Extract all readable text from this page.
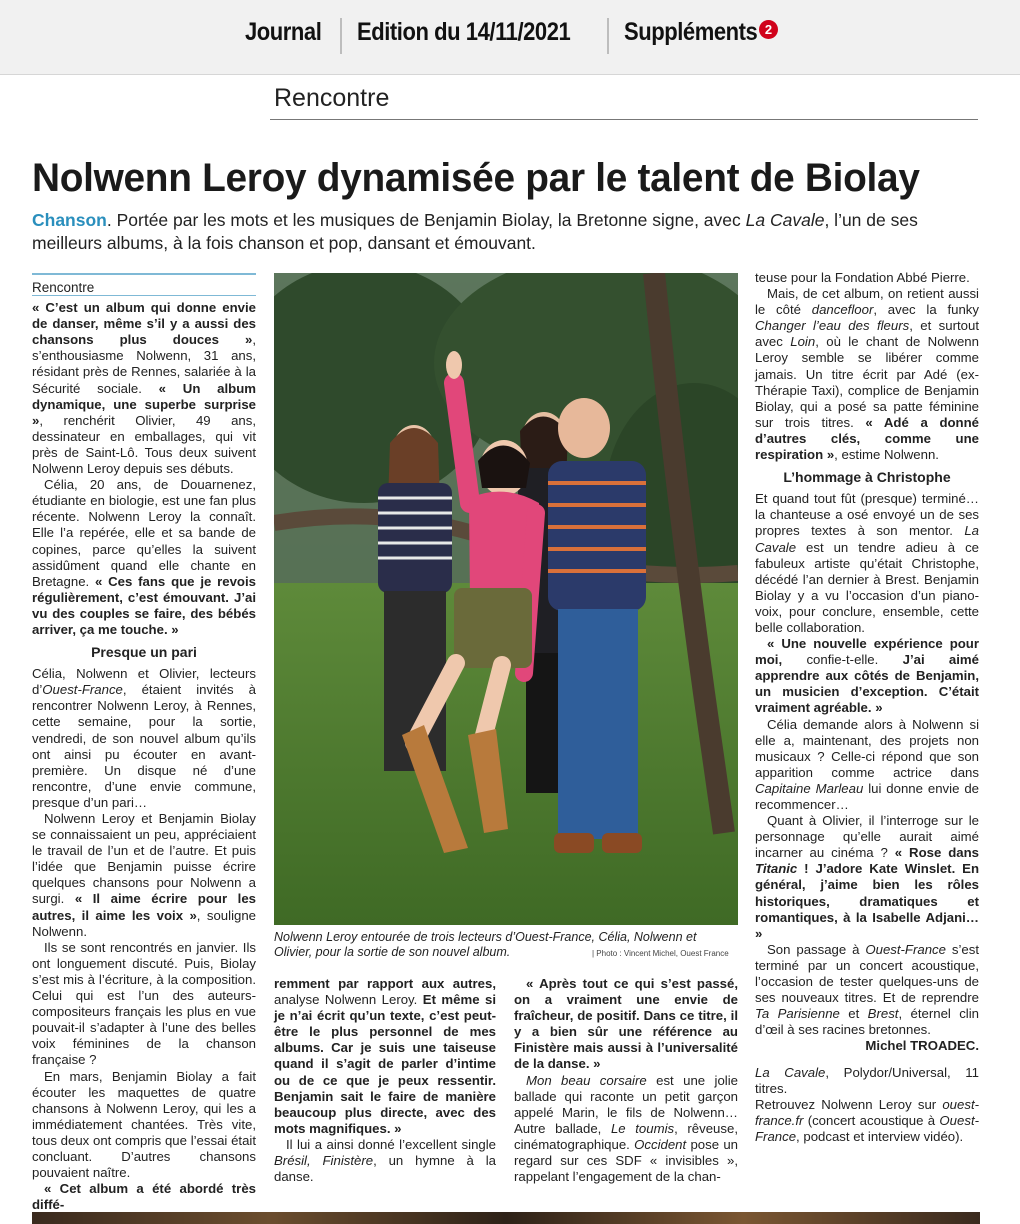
Journal Edition du 14/11/2021 Suppléments 2
Rencontre
Nolwenn Leroy dynamisée par le talent de Biolay
Chanson. Portée par les mots et les musiques de Benjamin Biolay, la Bretonne signe, avec La Cavale, l’un de ses meilleurs albums, à la fois chanson et pop, dansant et émouvant.
Rencontre

« C’est un album qui donne envie de danser, même s’il y a aussi des chansons plus douces », s’enthousiasme Nolwenn, 31 ans, résidant près de Rennes, salariée à la Sécurité sociale. « Un album dynamique, une superbe surprise », renchérit Olivier, 49 ans, dessinateur en emballages, qui vit près de Saint-Lô. Tous deux suivent Nolwenn Leroy depuis ses débuts.

Célia, 20 ans, de Douarnenez, étudiante en biologie, est une fan plus récente. Nolwenn Leroy la connaît. Elle l’a repérée, elle et sa bande de copines, parce qu’elles la suivent assidûment quand elle chante en Bretagne. « Ces fans que je revois régulièrement, c’est émouvant. J’ai vu des couples se faire, des bébés arriver, ça me touche. »

Presque un pari

Célia, Nolwenn et Olivier, lecteurs d’Ouest-France, étaient invités à rencontrer Nolwenn Leroy, à Rennes, cette semaine, pour la sortie, vendredi, de son nouvel album qu’ils ont ainsi pu écouter en avant-première. Un disque né d’une rencontre, d’une envie commune, presque d’un pari…

Nolwenn Leroy et Benjamin Biolay se connaissaient un peu, appréciaient le travail de l’un et de l’autre. Et puis l’idée que Benjamin puisse écrire quelques chansons pour Nolwenn a surgi. « Il aime écrire pour les autres, il aime les voix », souligne Nolwenn.

Ils se sont rencontrés en janvier. Ils ont longuement discuté. Puis, Biolay s’est mis à l’écriture, à la composition. Celui qui est l’un des auteurs-compositeurs français les plus en vue pouvait-il s’adapter à l’une des belles voix féminines de la chanson française ?

En mars, Benjamin Biolay a fait écouter les maquettes de quatre chansons à Nolwenn Leroy, qui les a immédiatement chantées. Très vite, tous deux ont compris que l’essai était concluant. D’autres chansons pouvaient naître.

« Cet album a été abordé très diffé-

Nolwenn Leroy entourée de trois lecteurs d’Ouest-France, Célia, Nolwenn et Olivier, pour la sortie de son nouvel album.	| Photo : Vincent Michel, Ouest France

remment par rapport aux autres, analyse Nolwenn Leroy. Et même si je n’ai écrit qu’un texte, c’est peut-être le plus personnel de mes albums. Car je suis une taiseuse quand il s’agit de parler d’intime ou de ce que je peux ressentir. Benjamin sait le faire de manière beaucoup plus directe, avec des mots magnifiques. »

Il lui a ainsi donné l’excellent single Brésil, Finistère, un hymne à la danse.

« Après tout ce qui s’est passé, on a vraiment une envie de fraîcheur, de positif. Dans ce titre, il y a bien sûr une référence au Finistère mais aussi à l’universalité de la danse. »

Mon beau corsaire est une jolie ballade qui raconte un petit garçon appelé Marin, le fils de Nolwenn… Autre ballade, Le toumis, rêveuse, cinématographique. Occident pose un regard sur ces SDF « invisibles », rappelant l’engagement de la chan-

teuse pour la Fondation Abbé Pierre.

Mais, de cet album, on retient aussi le côté dancefloor, avec la funky Changer l’eau des fleurs, et surtout avec Loin, où le chant de Nolwenn Leroy semble se libérer comme jamais. Un titre écrit par Adé (ex-Thérapie Taxi), complice de Benjamin Biolay, qui a posé sa patte féminine sur trois titres. « Adé a donné d’autres clés, comme une respiration », estime Nolwenn.

L’hommage à Christophe

Et quand tout fût (presque) terminé… la chanteuse a osé envoyé un de ses propres textes à son mentor. La Cavale est un tendre adieu à ce fabuleux artiste qu’était Christophe, décédé l’an dernier à Brest. Benjamin Biolay y a vu l’occasion d’un piano-voix, pour conclure, ensemble, cette belle collaboration.

« Une nouvelle expérience pour moi, confie-t-elle. J’ai aimé apprendre aux côtés de Benjamin, un musicien d’exception. C’était vraiment agréable. »

Célia demande alors à Nolwenn si elle a, maintenant, des projets non musicaux ? Celle-ci répond que son apparition comme actrice dans Capitaine Marleau lui donne envie de recommencer…

Quant à Olivier, il l’interroge sur le personnage qu’elle aurait aimé incarner au cinéma ? « Rose dans Titanic ! J’adore Kate Winslet. En général, j’aime bien les rôles historiques, dramatiques et romantiques, à la Isabelle Adjani… »

Son passage à Ouest-France s’est terminé par un concert acoustique, l’occasion de tester quelques-uns de ses nouveaux titres. Et de reprendre Ta Parisienne et Brest, éternel clin d’œil à ses racines bretonnes.

Michel TROADEC.

La Cavale, Polydor/Universal, 11 titres.

Retrouvez Nolwenn Leroy sur ouest-france.fr (concert acoustique à Ouest-France, podcast et interview vidéo).
